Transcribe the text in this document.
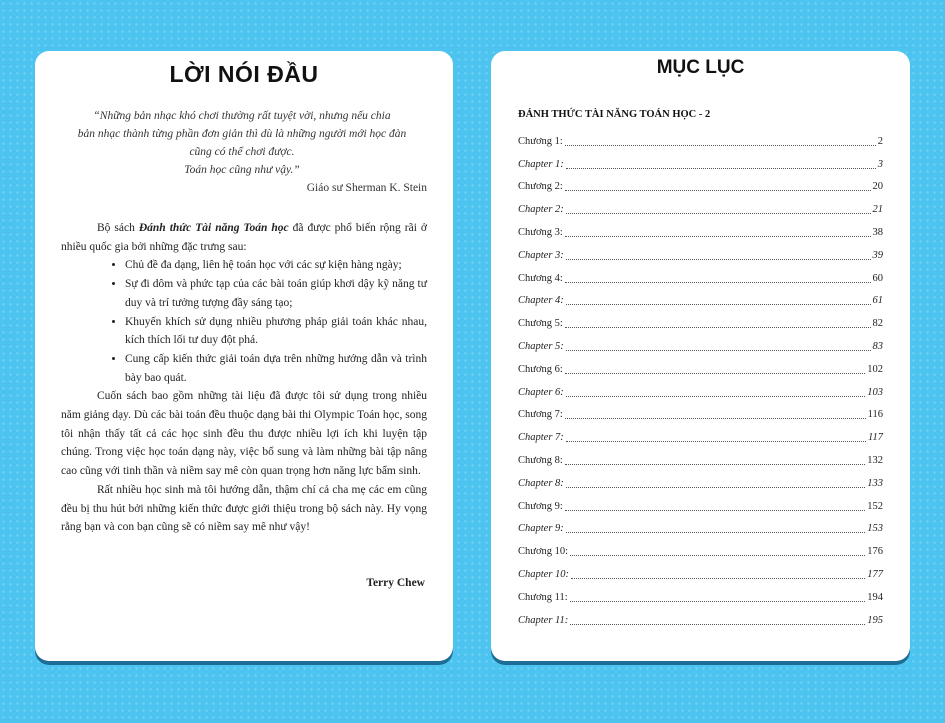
LỜI NÓI ĐẦU
“Những bản nhạc khó chơi thường rất tuyệt vời, nhưng nếu chia
bản nhạc thành từng phần đơn giản thì dù là những người mới học đàn
cũng có thể chơi được.
Toán học cũng như vậy.”
Giáo sư Sherman K. Stein

Bộ sách Đánh thức Tài năng Toán học đã được phổ biến rộng rãi ở nhiều quốc gia bởi những đặc trưng sau:

• Chủ đề đa dạng, liên hệ toán học với các sự kiện hàng ngày;
• Sự đi dôm và phức tạp của các bài toán giúp khơi dậy kỹ năng tư duy và trí tưởng tượng đầy sáng tạo;
• Khuyến khích sử dụng nhiều phương pháp giải toán khác nhau, kích thích lối tư duy đột phá.
• Cung cấp kiến thức giải toán dựa trên những hướng dẫn và trình bày bao quát.

Cuốn sách bao gồm những tài liệu đã được tôi sử dụng trong nhiều năm giảng dạy. Dù các bài toán đều thuộc dạng bài thi Olympic Toán học, song tôi nhận thấy tất cả các học sinh đều thu được nhiều lợi ích khi luyện tập chúng. Trong việc học toán dạng này, việc bổ sung và làm những bài tập nâng cao cũng với tinh thần và niềm say mê còn quan trọng hơn năng lực bẩm sinh.

Rất nhiều học sinh mà tôi hướng dẫn, thậm chí cả cha mẹ các em cũng đều bị thu hút bởi những kiến thức được giới thiệu trong bộ sách này. Hy vọng rằng bạn và con bạn cũng sẽ có niềm say mê như vậy!

Terry Chew
MỤC LỤC
ĐÁNH THỨC TÀI NĂNG TOÁN HỌC - 2
Chương 1:	2
Chapter 1:	3
Chương 2:	20
Chapter 2:	21
Chương 3:	38
Chapter 3:	39
Chương 4:	60
Chapter 4:	61
Chương 5:	82
Chapter 5:	83
Chương 6:	102
Chapter 6:	103
Chương 7:	116
Chapter 7:	117
Chương 8:	132
Chapter 8:	133
Chương 9:	152
Chapter 9:	153
Chương 10:	176
Chapter 10:	177
Chương 11:	194
Chapter 11:	195
